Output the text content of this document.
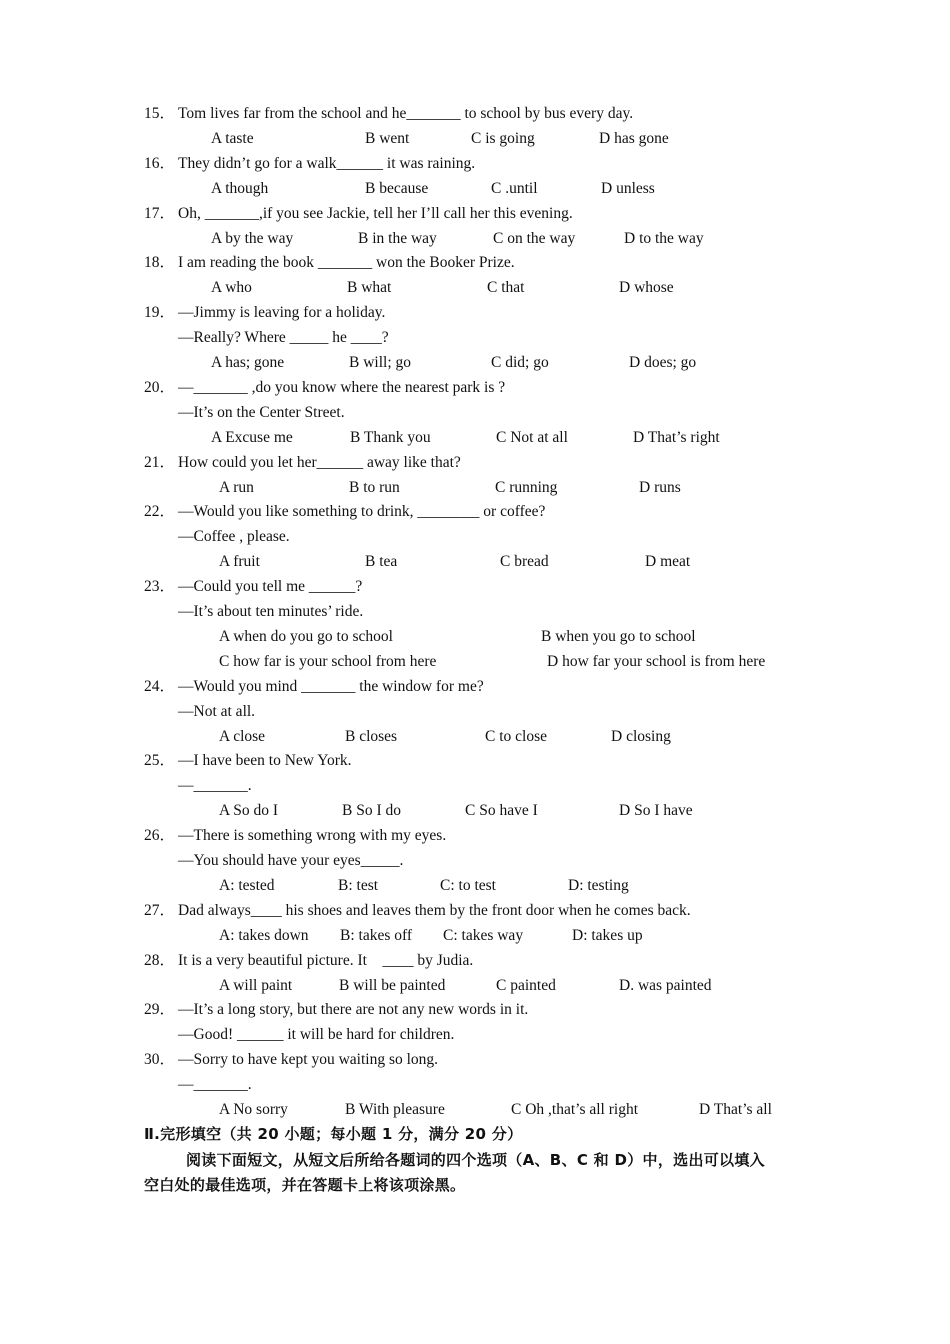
15． Tom lives far from the school and he_______ to school by bus every day.
A taste	B went	C is going	D has gone
16． They didn’t go for a walk______ it was raining.
A though	B because	C .until	D unless
17． Oh, _______,if you see Jackie, tell her I’ll call her this evening.
A by the way	B in the way	C on the way	D to the way
18． I am reading the book _______ won the Booker Prize.
A who	B what	C that	D whose
19． —Jimmy is leaving for a holiday.
—Really? Where _____ he ____?
A has; gone	B will; go	C did; go	D does; go
20． —_______ ,do you know where the nearest park is ?
—It’s on the Center Street.
A Excuse me	B Thank you	C Not at all	D That’s right
21． How could you let her______ away like that?
A run	B to run	C running	D runs
22． —Would you like something to drink, ________ or coffee?
—Coffee , please.
A fruit	B tea	C bread	D meat
23． —Could you tell me ______?
—It’s about ten minutes’ ride.
A when do you go to school	B when you go to school
C how far is your school from here	D how far your school is from here
24． —Would you mind _______ the window for me?
—Not at all.
A close	B closes	C to close	D closing
25． —I have been to New York.
—_______.
A So do I	B So I do	C So have I	D So I have
26． —There is something wrong with my eyes.
—You should have your eyes_____.
A: tested	B: test	C: to test	D: testing
27． Dad always____ his shoes and leaves them by the front door when he comes back.
A: takes down B: takes off C: takes way	D: takes up
28． It is a very beautiful picture. It    ____ by Judia.
A will paint	B will be painted	C painted	D. was painted
29． —It’s a long story, but there are not any new words in it.
—Good! ______ it will be hard for children.
30． —Sorry to have kept you waiting so long.
—_______.
A No sorry	B With pleasure	C Oh ,that’s all right	D That’s all
Ⅱ.完形填空（共 20 小题；每小题 1 分，满分 20 分）
阅读下面短文，从短文后所给各题词的四个选项（A、B、C 和 D）中，选出可以填入
空白处的最佳选项，并在答题卡上将该项涂黑。
